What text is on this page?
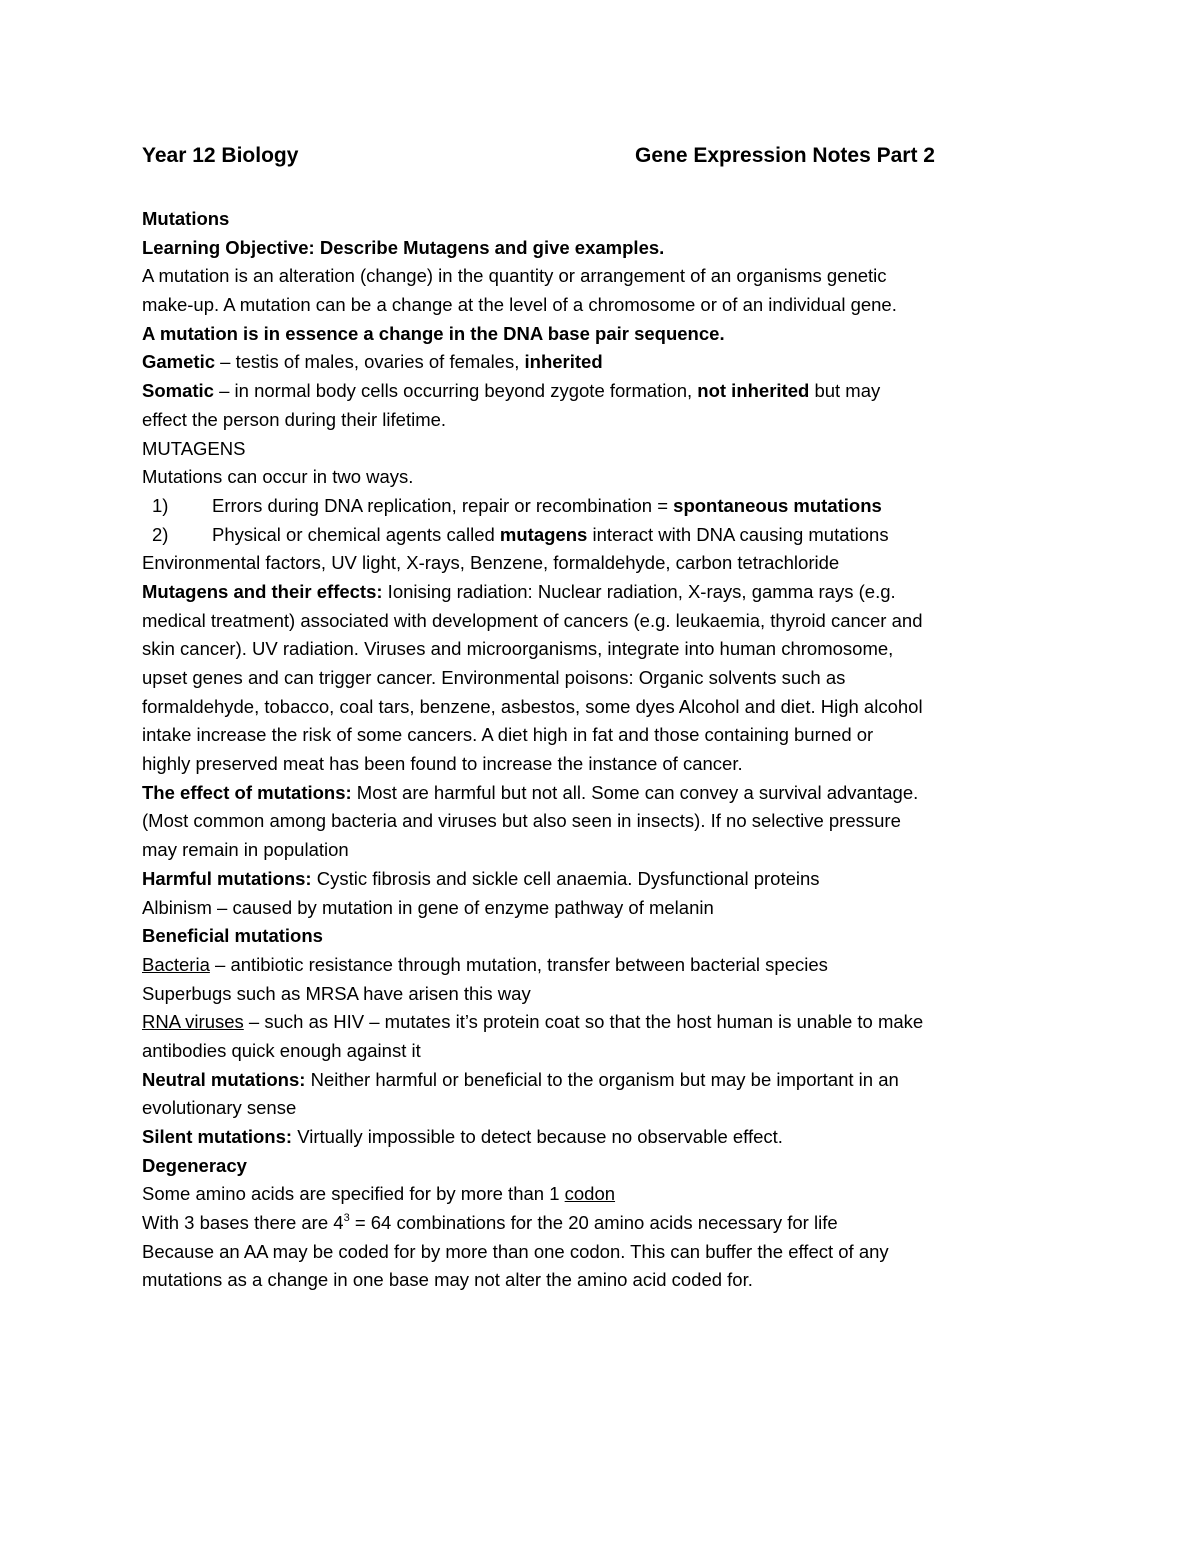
Year 12 Biology	Gene Expression Notes Part 2
Mutations
Learning Objective: Describe Mutagens and give examples.
A mutation is an alteration (change) in the quantity or arrangement of an organisms genetic
make-up. A mutation can be a change at the level of a chromosome or of an individual gene.
A mutation is in essence a change in the DNA base pair sequence.
Gametic – testis of males, ovaries of females, inherited
Somatic – in normal body cells occurring beyond zygote formation, not inherited but may
effect the person during their lifetime.
MUTAGENS
Mutations can occur in two ways.
1) Errors during DNA replication, repair or recombination = spontaneous mutations
2) Physical or chemical agents called mutagens interact with DNA causing mutations
Environmental factors, UV light, X-rays, Benzene, formaldehyde, carbon tetrachloride
Mutagens and their effects: Ionising radiation: Nuclear radiation, X-rays, gamma rays (e.g.
medical treatment) associated with development of cancers (e.g. leukaemia, thyroid cancer and
skin cancer). UV radiation. Viruses and microorganisms, integrate into human chromosome,
upset genes and can trigger cancer. Environmental poisons: Organic solvents such as
formaldehyde, tobacco, coal tars, benzene, asbestos, some dyes Alcohol and diet. High alcohol
intake increase the risk of some cancers. A diet high in fat and those containing burned or
highly preserved meat has been found to increase the instance of cancer.
The effect of mutations: Most are harmful but not all. Some can convey a survival advantage.
(Most common among bacteria and viruses but also seen in insects). If no selective pressure
may remain in population
Harmful mutations: Cystic fibrosis and sickle cell anaemia. Dysfunctional proteins
Albinism – caused by mutation in gene of enzyme pathway of melanin
Beneficial mutations
Bacteria – antibiotic resistance through mutation, transfer between bacterial species
Superbugs such as MRSA have arisen this way
RNA viruses – such as HIV – mutates it’s protein coat so that the host human is unable to make
antibodies quick enough against it
Neutral mutations: Neither harmful or beneficial to the organism but may be important in an
evolutionary sense
Silent mutations: Virtually impossible to detect because no observable effect.
Degeneracy
Some amino acids are specified for by more than 1 codon
With 3 bases there are $4^3 = 64$ combinations for the 20 amino acids necessary for life
Because an AA may be coded for by more than one codon. This can buffer the effect of any
mutations as a change in one base may not alter the amino acid coded for.
